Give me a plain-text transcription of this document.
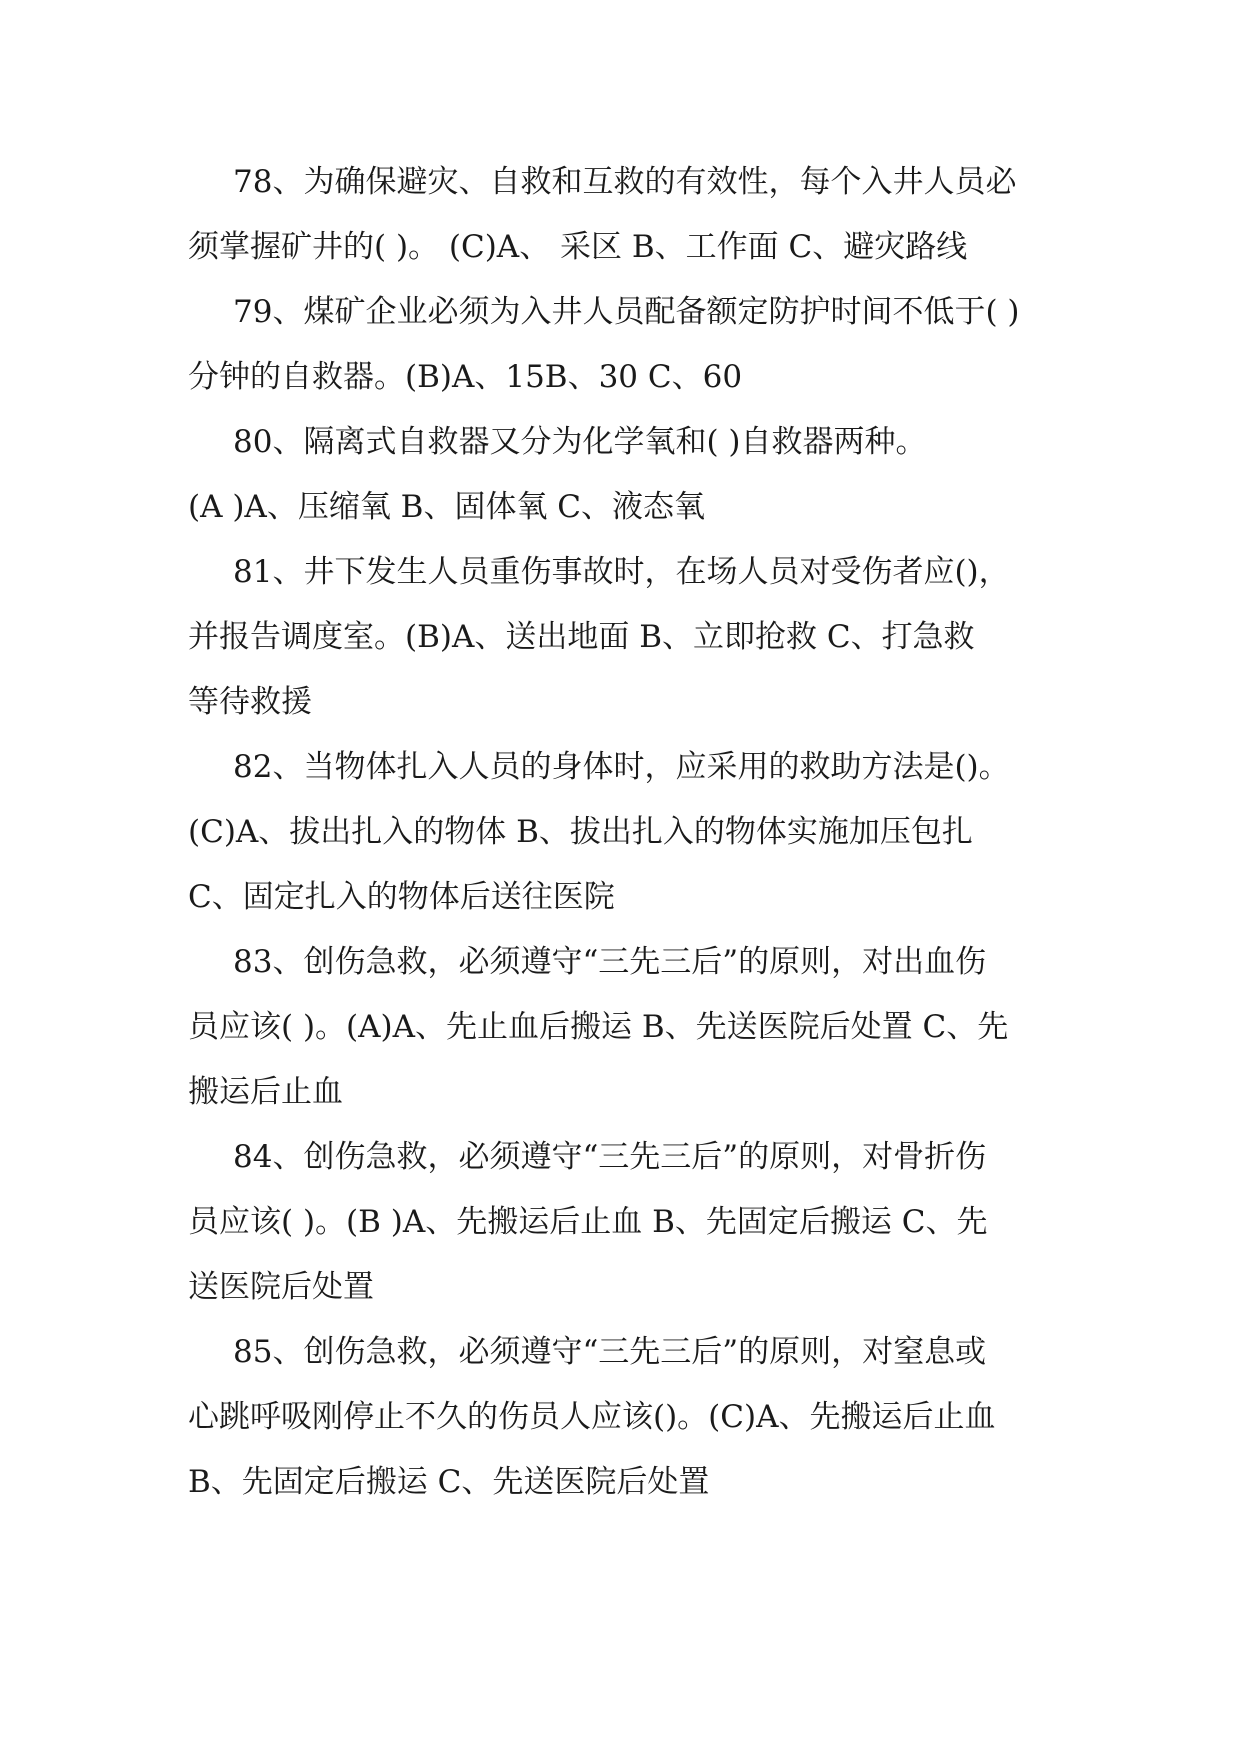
78、为确保避灾、自救和互救的有效性，每个入井人员必
须掌握矿井的( )。 (C)A、 采区 B、工作面 C、避灾路线
79、煤矿企业必须为入井人员配备额定防护时间不低于( )
分钟的自救器。(B)A、15B、30 C、60
80、隔离式自救器又分为化学氧和( )自救器两种。
(A )A、压缩氧 B、固体氧 C、液态氧
81、井下发生人员重伤事故时，在场人员对受伤者应()，
并报告调度室。(B)A、送出地面 B、立即抢救 C、打急救
等待救援
82、当物体扎入人员的身体时，应采用的救助方法是()。
(C)A、拔出扎入的物体 B、拔出扎入的物体实施加压包扎
C、固定扎入的物体后送往医院
83、创伤急救，必须遵守“三先三后”的原则，对出血伤
员应该( )。(A)A、先止血后搬运 B、先送医院后处置 C、先
搬运后止血
84、创伤急救，必须遵守“三先三后”的原则，对骨折伤
员应该( )。(B )A、先搬运后止血 B、先固定后搬运 C、先
送医院后处置
85、创伤急救，必须遵守“三先三后”的原则，对窒息或
心跳呼吸刚停止不久的伤员人应该()。(C)A、先搬运后止血
B、先固定后搬运 C、先送医院后处置
